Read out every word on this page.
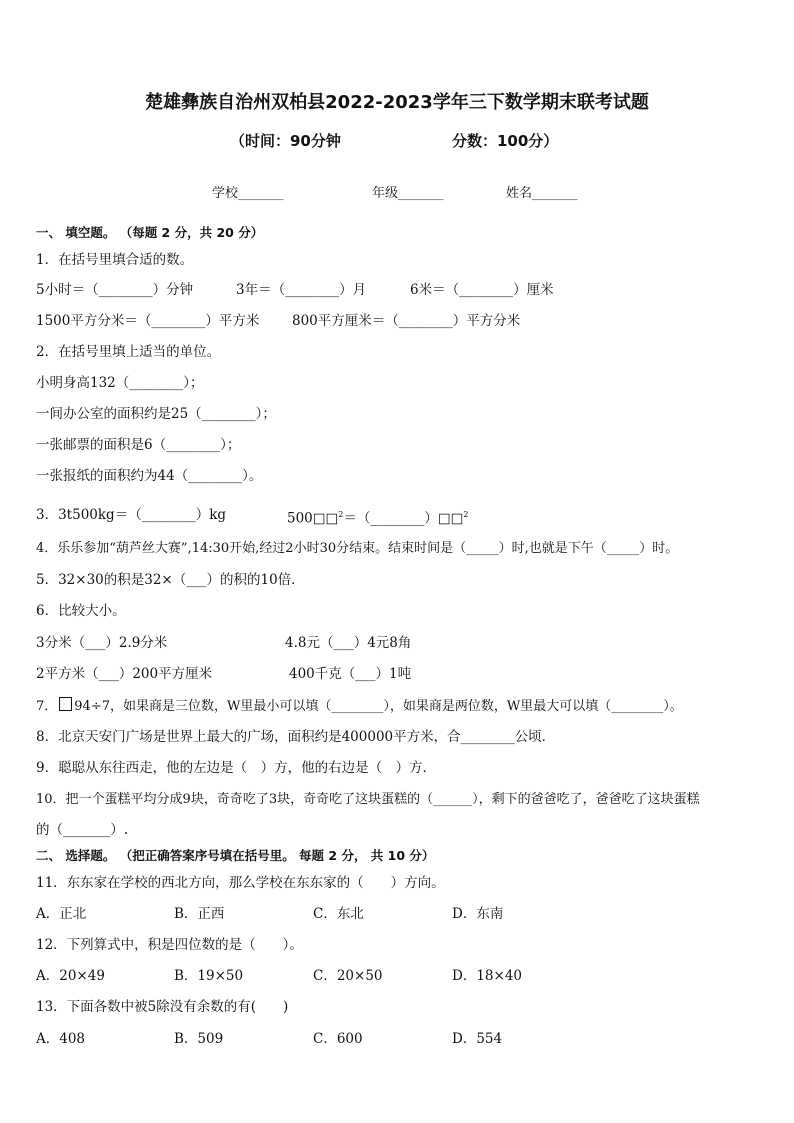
楚雄彝族自治州双柏县2022-2023学年三下数学期末联考试题
（时间：90分钟	分数：100分）
学校_______	年级_______	姓名_______
一、 填空题。 （每题 2 分，共 20 分）
1．在括号里填合适的数。
5小时＝（________）分钟	3年＝（________）月	6米＝（________）厘米
1500平方分米＝（________）平方米 800平方厘米＝（________）平方分米
2．在括号里填上适当的单位。
小明身高132（________）；
一间办公室的面积约是25（________）；
一张邮票的面积是6（________）；
一张报纸的面积约为44（________）。
3．3t500kg＝（________）kg	500□□$^2$＝（________）□□$^2$
4．乐乐参加“葫芦丝大赛”,14:30开始,经过2小时30分结束。结束时间是（_____）时,也就是下午（_____）时。
5．32×30的积是32×（___）的积的10倍．
6．比较大小。
3分米（___）2.9分米	4.8元（___）4元8角
2平方米（___）200平方厘米	400千克（___）1吨
7． 94÷7，如果商是三位数，W里最小可以填（________），如果商是两位数，W里最大可以填（________）。
8．北京天安门广场是世界上最大的广场，面积约是400000平方米，合________公顷．
9．聪聪从东往西走，他的左边是（　）方，他的右边是（　）方．
10．把一个蛋糕平均分成9块，奇奇吃了3块，奇奇吃了这块蛋糕的（______），剩下的爸爸吃了，爸爸吃了这块蛋糕
的（_______）.
二、 选择题。 （把正确答案序号填在括号里。 每题 2 分， 共 10 分）
11．东东家在学校的西北方向，那么学校在东东家的（　　）方向。
A．正北	B．正西	C．东北	D．东南
12．下列算式中，积是四位数的是（　　）。
A．20×49	B．19×50	C．20×50	D．18×40
13．下面各数中被5除没有余数的有(　　)
A．408	B．509	C．600	D．554
